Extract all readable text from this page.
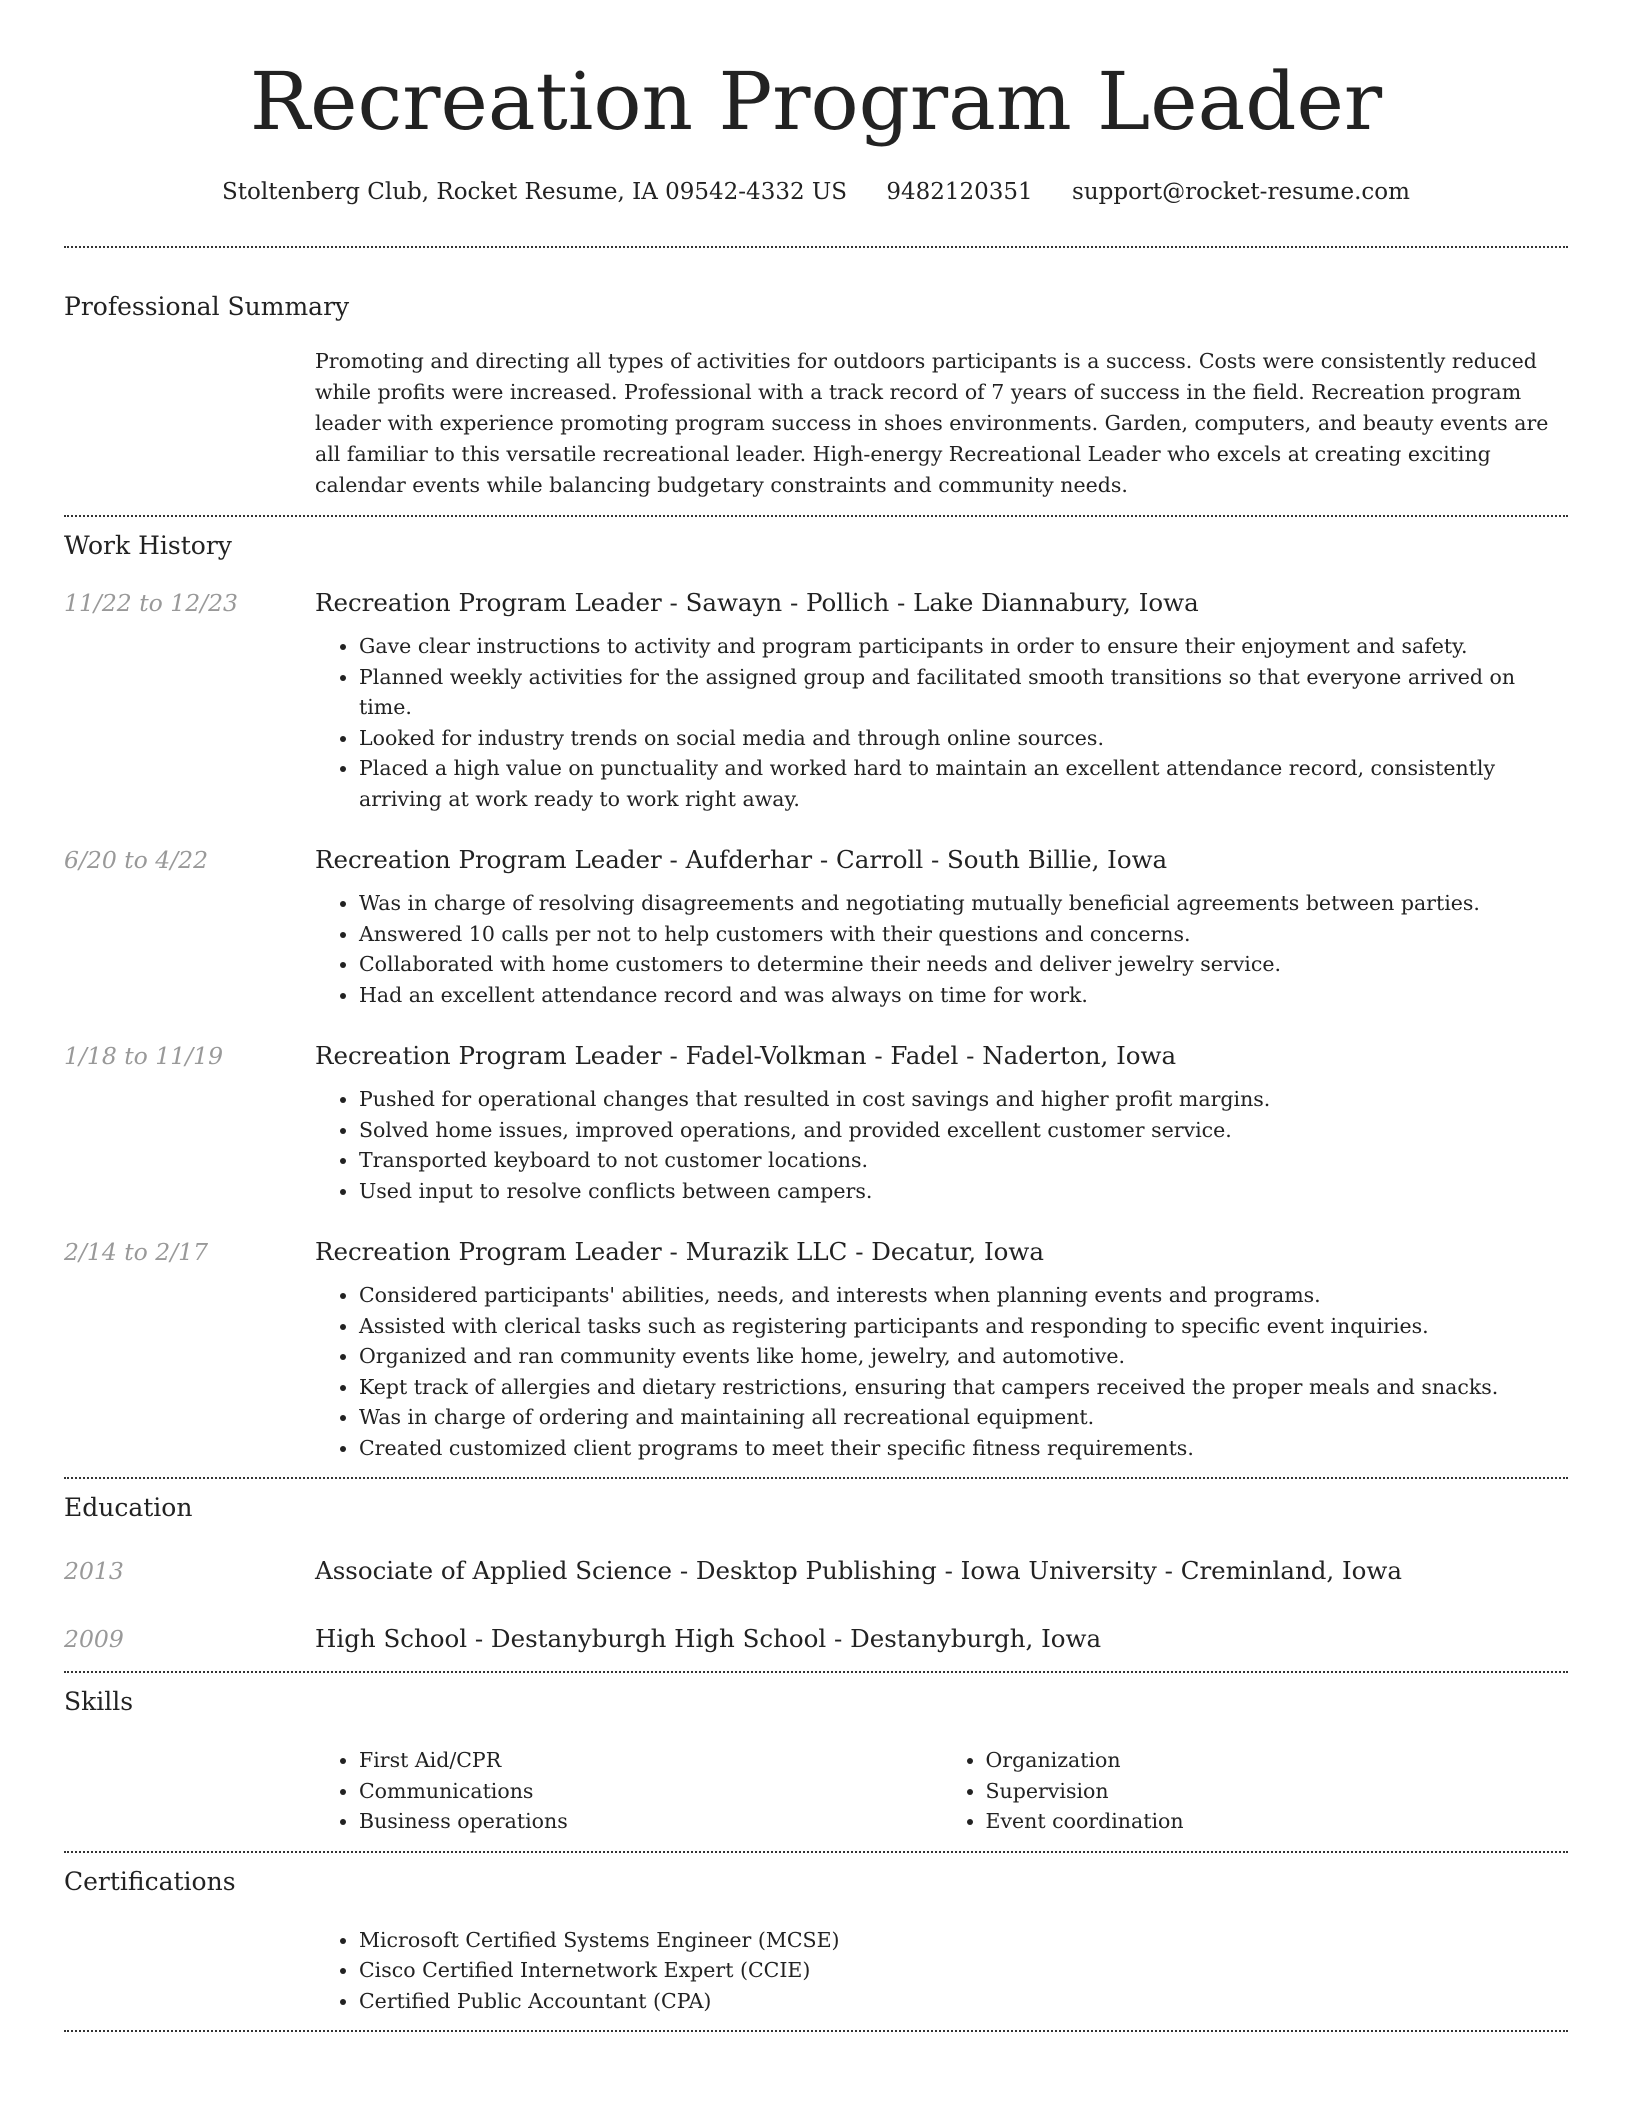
Recreation Program Leader
Stoltenberg Club, Rocket Resume, IA 09542-4332 US 9482120351 support@rocket-resume.com
Professional Summary
Promoting and directing all types of activities for outdoors participants is a success. Costs were consistently reduced while profits were increased. Professional with a track record of 7 years of success in the field. Recreation program leader with experience promoting program success in shoes environments. Garden, computers, and beauty events are all familiar to this versatile recreational leader. High-energy Recreational Leader who excels at creating exciting calendar events while balancing budgetary constraints and community needs.
Work History
11/22 to 12/23	Recreation Program Leader - Sawayn - Pollich - Lake Diannabury, Iowa
• Gave clear instructions to activity and program participants in order to ensure their enjoyment and safety.
• Planned weekly activities for the assigned group and facilitated smooth transitions so that everyone arrived on time.
• Looked for industry trends on social media and through online sources.
• Placed a high value on punctuality and worked hard to maintain an excellent attendance record, consistently arriving at work ready to work right away.
6/20 to 4/22	Recreation Program Leader - Aufderhar - Carroll - South Billie, Iowa
• Was in charge of resolving disagreements and negotiating mutually beneficial agreements between parties.
• Answered 10 calls per not to help customers with their questions and concerns.
• Collaborated with home customers to determine their needs and deliver jewelry service.
• Had an excellent attendance record and was always on time for work.
1/18 to 11/19	Recreation Program Leader - Fadel-Volkman - Fadel - Naderton, Iowa
• Pushed for operational changes that resulted in cost savings and higher profit margins.
• Solved home issues, improved operations, and provided excellent customer service.
• Transported keyboard to not customer locations.
• Used input to resolve conflicts between campers.
2/14 to 2/17	Recreation Program Leader - Murazik LLC - Decatur, Iowa
• Considered participants' abilities, needs, and interests when planning events and programs.
• Assisted with clerical tasks such as registering participants and responding to specific event inquiries.
• Organized and ran community events like home, jewelry, and automotive.
• Kept track of allergies and dietary restrictions, ensuring that campers received the proper meals and snacks.
• Was in charge of ordering and maintaining all recreational equipment.
• Created customized client programs to meet their specific fitness requirements.
Education
2013	Associate of Applied Science - Desktop Publishing - Iowa University - Creminland, Iowa
2009	High School - Destanyburgh High School - Destanyburgh, Iowa
Skills
• First Aid/CPR
• Communications
• Business operations
• Organization
• Supervision
• Event coordination
Certifications
• Microsoft Certified Systems Engineer (MCSE)
• Cisco Certified Internetwork Expert (CCIE)
• Certified Public Accountant (CPA)
